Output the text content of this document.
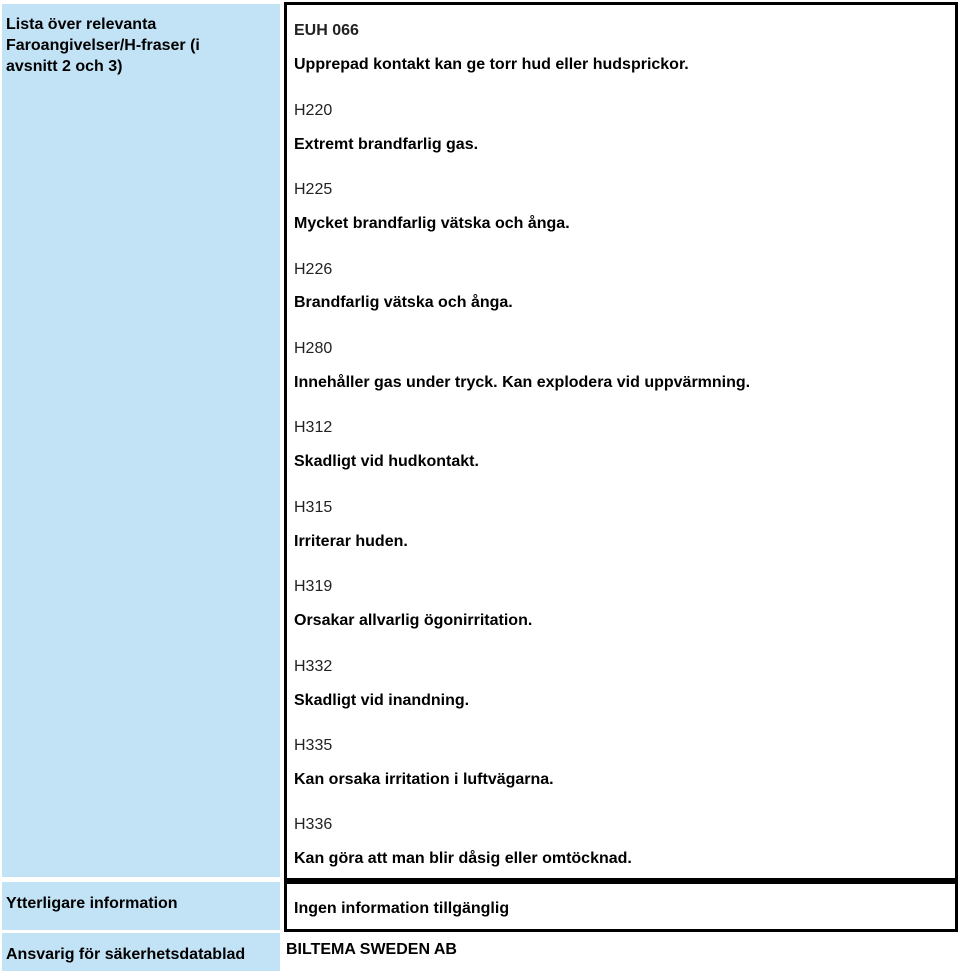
Lista över relevanta Faroangivelser/H-fraser (i avsnitt 2 och 3)
EUH 066
Upprepad kontakt kan ge torr hud eller hudsprickor.
H220
Extremt brandfarlig gas.
H225
Mycket brandfarlig vätska och ånga.
H226
Brandfarlig vätska och ånga.
H280
Innehåller gas under tryck. Kan explodera vid uppvärmning.
H312
Skadligt vid hudkontakt.
H315
Irriterar huden.
H319
Orsakar allvarlig ögonirritation.
H332
Skadligt vid inandning.
H335
Kan orsaka irritation i luftvägarna.
H336
Kan göra att man blir dåsig eller omtöcknad.
Ytterligare information	Ingen information tillgänglig
Ansvarig för säkerhetsdatablad	BILTEMA SWEDEN AB
